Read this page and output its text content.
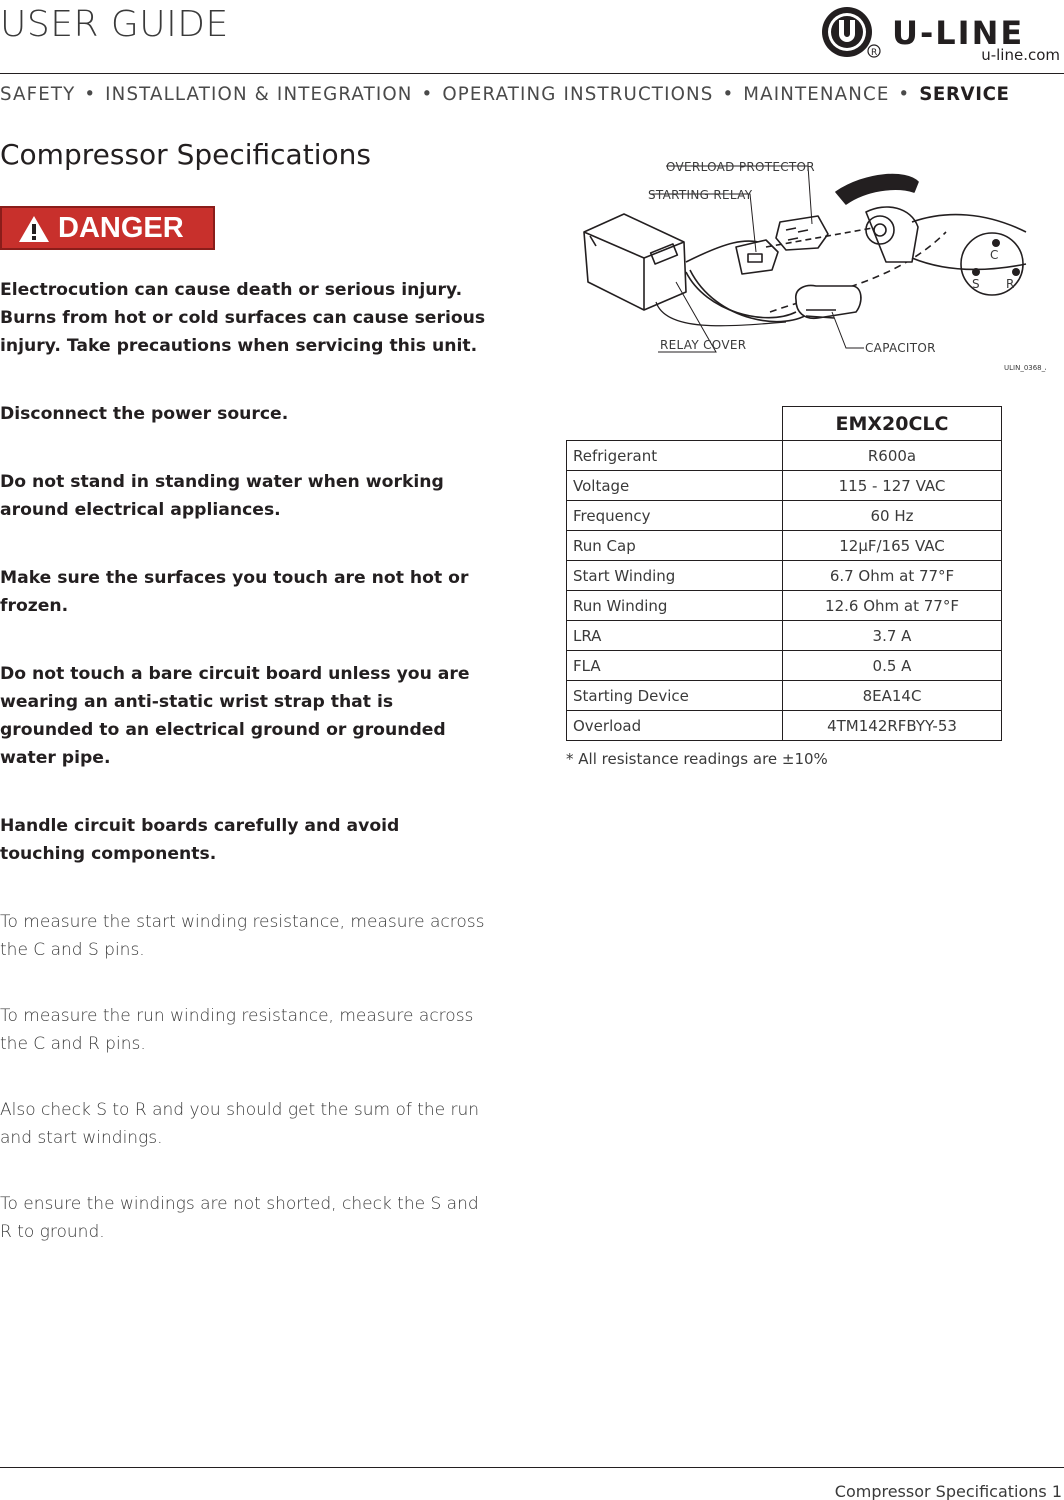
USER GUIDE
R
U-LINE
u-line.com
SAFETY • INSTALLATION & INTEGRATION • OPERATING INSTRUCTIONS • MAINTENANCE • SERVICE
Compressor Specifications
DANGER

Electrocution can cause death or serious injury. Burns from hot or cold surfaces can cause serious injury. Take precautions when servicing this unit.

Disconnect the power source.

Do not stand in standing water when working around electrical appliances.

Make sure the surfaces you touch are not hot or frozen.

Do not touch a bare circuit board unless you are wearing an anti-static wrist strap that is grounded to an electrical ground or grounded water pipe.

Handle circuit boards carefully and avoid touching components.

To measure the start winding resistance, measure across the C and S pins.

To measure the run winding resistance, measure across the C and R pins.

Also check S to R and you should get the sum of the run and start windings.

To ensure the windings are not shorted, check the S and R to ground.

OVERLOAD PROTECTOR
STARTING RELAY
RELAY COVER	CAPACITOR
C
S R
ULIN_0368_A
	EMX20CLC
Refrigerant	R600a
Voltage	115 - 127 VAC
Frequency	60 Hz
Run Cap	12µF/165 VAC
Start Winding	6.7 Ohm at 77°F
Run Winding	12.6 Ohm at 77°F
LRA	3.7 A
FLA	0.5 A
Starting Device	8EA14C
Overload	4TM142RFBYY-53
* All resistance readings are ±10%
Compressor Specifications 1
